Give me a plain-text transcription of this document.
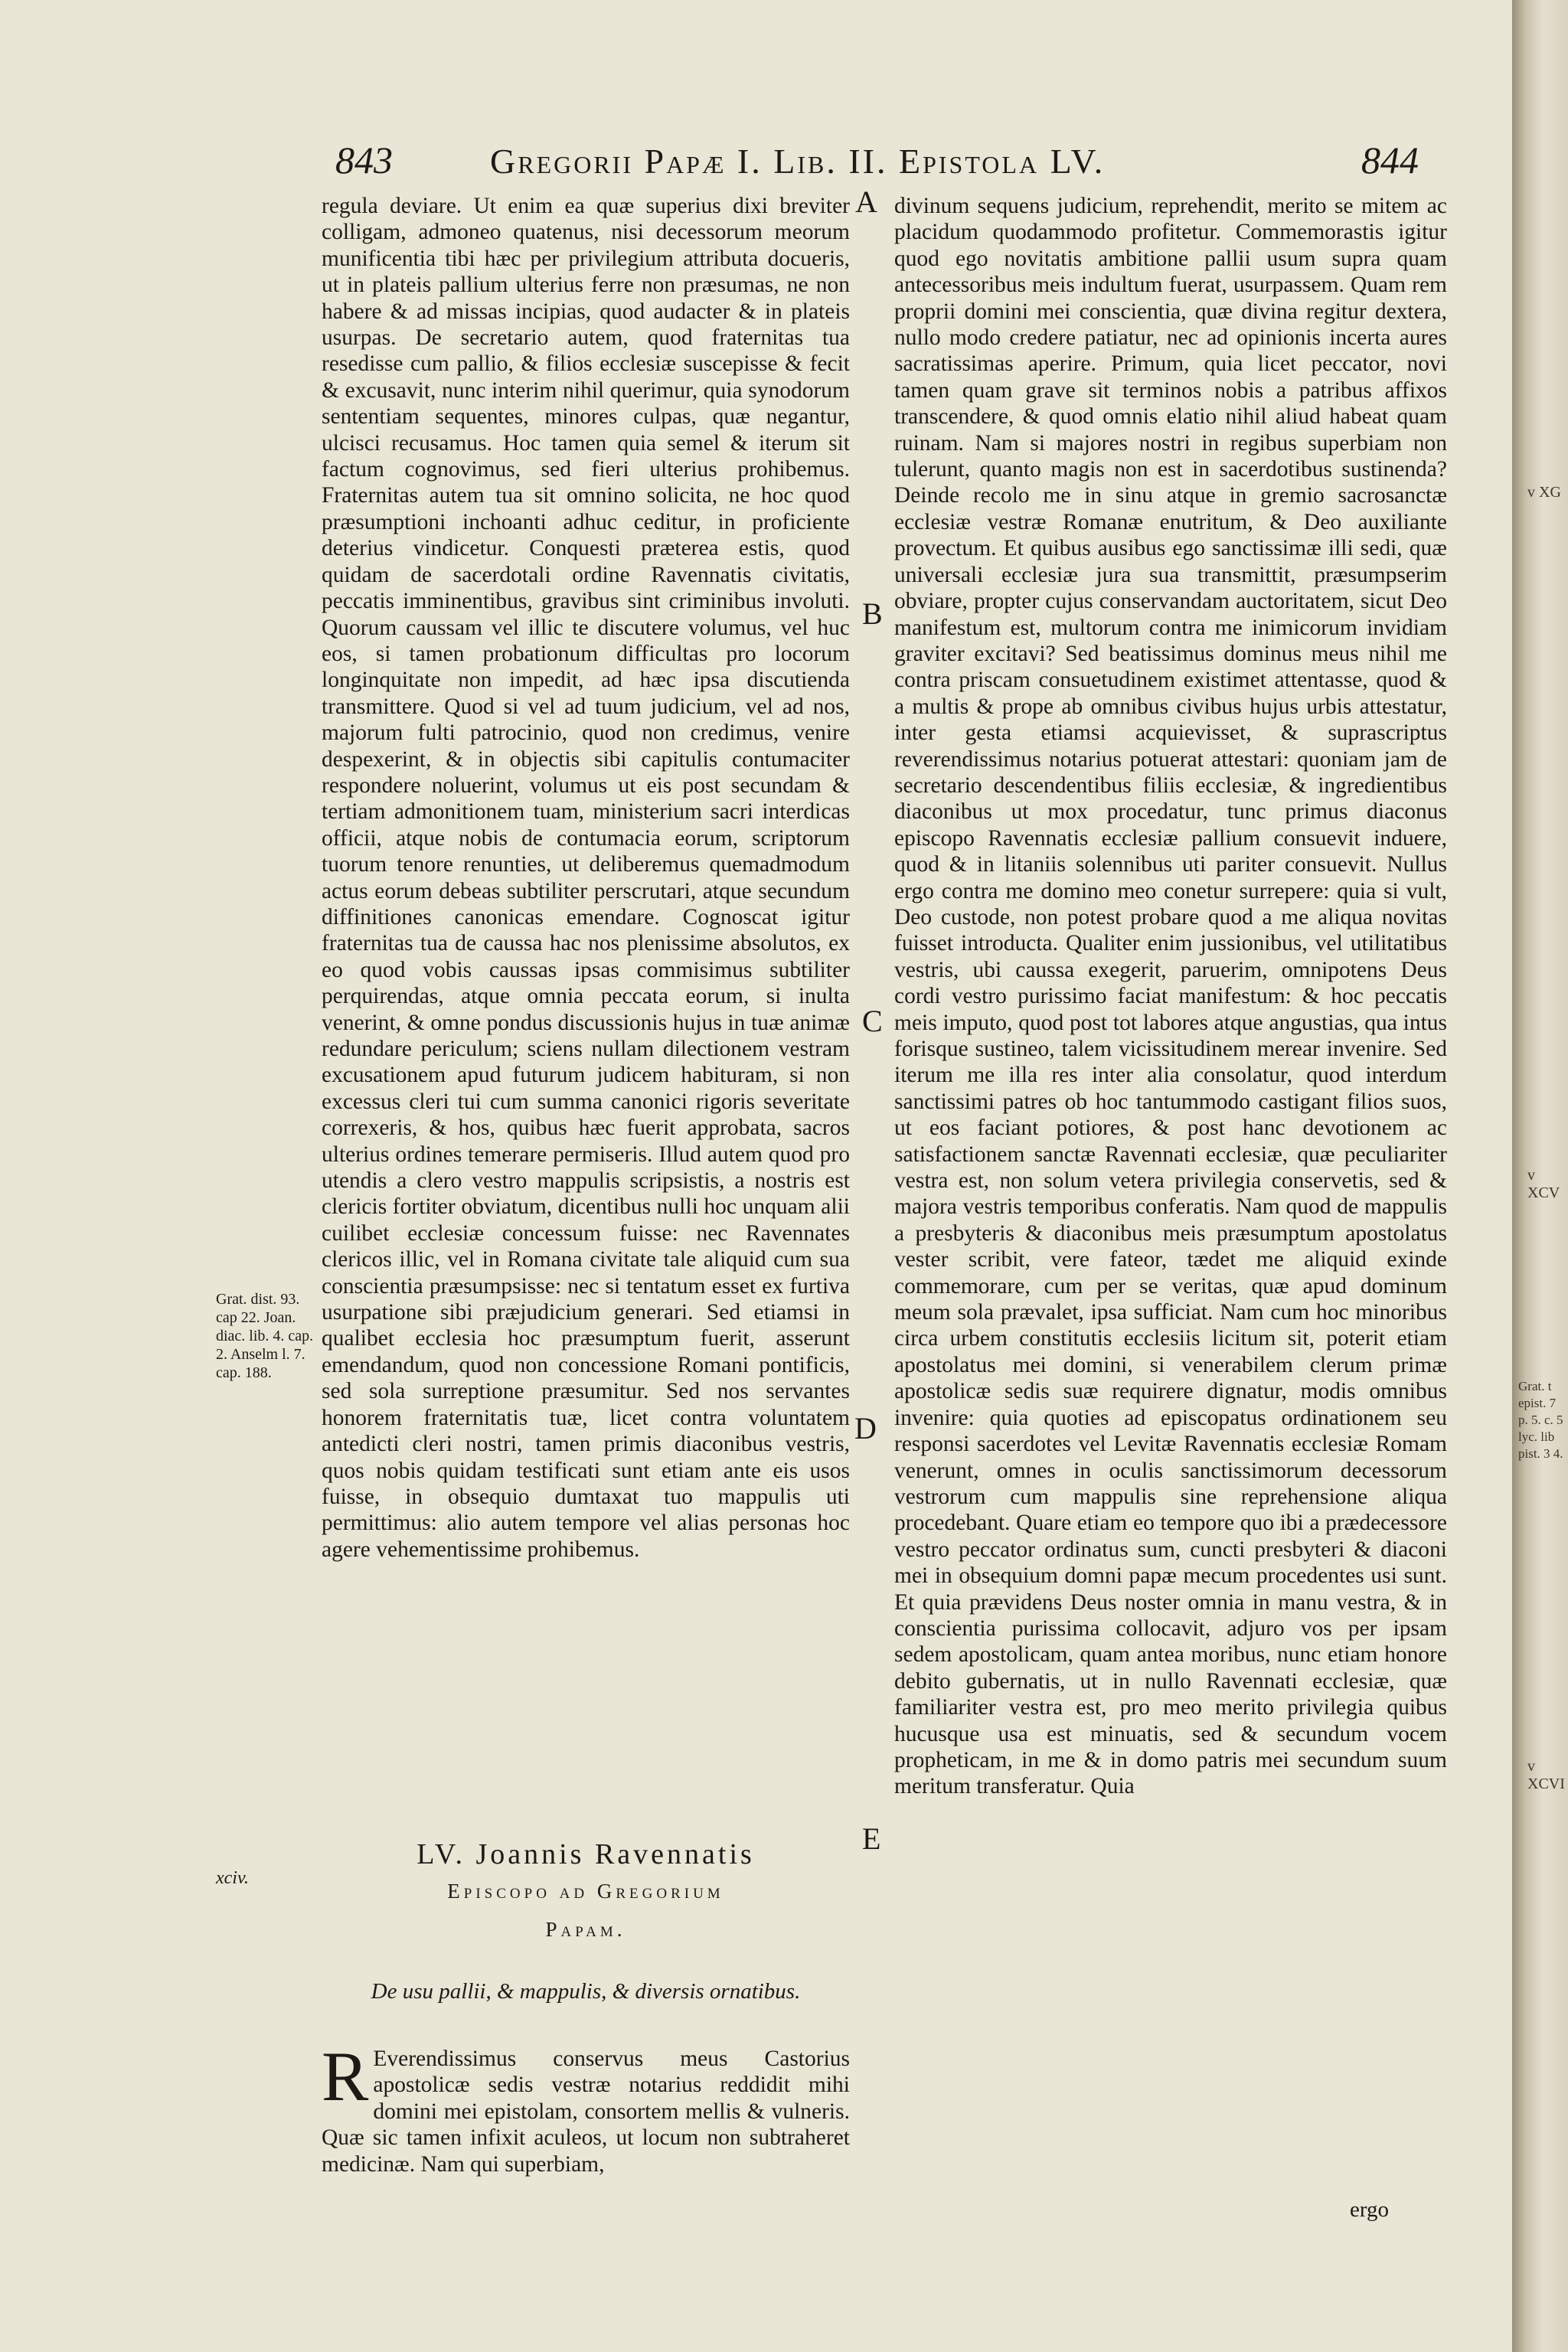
843	Gregorii Papæ I. Lib. II. Epistola LV.	844
A
B
C
D
E

regula deviare. Ut enim ea quæ superius dixi breviter colligam, admoneo quatenus, nisi decessorum meorum munificentia tibi hæc per privilegium attributa docueris, ut in plateis pallium ulterius ferre non præsumas, ne non habere & ad missas incipias, quod audacter & in plateis usurpas. De secretario autem, quod fraternitas tua resedisse cum pallio, & filios ecclesiæ suscepisse & fecit & excusavit, nunc interim nihil querimur, quia synodorum sententiam sequentes, minores culpas, quæ negantur, ulcisci recusamus. Hoc tamen quia semel & iterum sit factum cognovimus, sed fieri ulterius prohibemus. Fraternitas autem tua sit omnino solicita, ne hoc quod præsumptioni inchoanti adhuc ceditur, in proficiente deterius vindicetur. Conquesti præterea estis, quod quidam de sacerdotali ordine Ravennatis civitatis, peccatis imminentibus, gravibus sint criminibus involuti. Quorum caussam vel illic te discutere volumus, vel huc eos, si tamen probationum difficultas pro locorum longinquitate non impedit, ad hæc ipsa discutienda transmittere. Quod si vel ad tuum judicium, vel ad nos, majorum fulti patrocinio, quod non credimus, venire despexerint, & in objectis sibi capitulis contumaciter respondere noluerint, volumus ut eis post secundam & tertiam admonitionem tuam, ministerium sacri interdicas officii, atque nobis de contumacia eorum, scriptorum tuorum tenore renunties, ut deliberemus quemadmodum actus eorum debeas subtiliter perscrutari, atque secundum diffinitiones canonicas emendare. Cognoscat igitur fraternitas tua de caussa hac nos plenissime absolutos, ex eo quod vobis caussas ipsas commisimus subtiliter perquirendas, atque omnia peccata eorum, si inulta venerint, & omne pondus discussionis hujus in tuæ animæ redundare periculum; sciens nullam dilectionem vestram excusationem apud futurum judicem habituram, si non excessus cleri tui cum summa canonici rigoris severitate correxeris, & hos, quibus hæc fuerit approbata, sacros ulterius ordines temerare permiseris. Illud autem quod pro utendis a clero vestro mappulis scripsistis, a nostris est clericis fortiter obviatum, dicentibus nulli hoc unquam alii cuilibet ecclesiæ concessum fuisse: nec Ravennates clericos illic, vel in Romana civitate tale aliquid cum sua conscientia præsumpsisse: nec si tentatum esset ex furtiva usurpatione sibi præjudicium generari. Sed etiamsi in qualibet ecclesia hoc præsumptum fuerit, asserunt emendandum, quod non concessione Romani pontificis, sed sola surreptione præsumitur. Sed nos servantes honorem fraternitatis tuæ, licet contra voluntatem antedicti cleri nostri, tamen primis diaconibus vestris, quos nobis quidam testificati sunt etiam ante eis usos fuisse, in obsequio dumtaxat tuo mappulis uti permittimus: alio autem tempore vel alias personas hoc agere vehementissime prohibemus.

Grat. dist. 93. cap 22. Joan. diac. lib. 4. cap. 2. Anselm l. 7. cap. 188.
xciv.
LV. Joannis Ravennatis
Episcopo ad Gregorium
Papam.
De usu pallii, & mappulis, & diversis ornatibus.
R Everendissimus conservus meus Castorius apostolicæ sedis vestræ notarius reddidit mihi domini mei epistolam, consortem mellis & vulneris. Quæ sic tamen infixit aculeos, ut locum non subtraheret medicinæ. Nam qui superbiam,

divinum sequens judicium, reprehendit, merito se mitem ac placidum quodammodo profitetur. Commemorastis igitur quod ego novitatis ambitione pallii usum supra quam antecessoribus meis indultum fuerat, usurpassem. Quam rem proprii domini mei conscientia, quæ divina regitur dextera, nullo modo credere patiatur, nec ad opinionis incerta aures sacratissimas aperire. Primum, quia licet peccator, novi tamen quam grave sit terminos nobis a patribus affixos transcendere, & quod omnis elatio nihil aliud habeat quam ruinam. Nam si majores nostri in regibus superbiam non tulerunt, quanto magis non est in sacerdotibus sustinenda? Deinde recolo me in sinu atque in gremio sacrosanctæ ecclesiæ vestræ Romanæ enutritum, & Deo auxiliante provectum. Et quibus ausibus ego sanctissimæ illi sedi, quæ universali ecclesiæ jura sua transmittit, præsumpserim obviare, propter cujus conservandam auctoritatem, sicut Deo manifestum est, multorum contra me inimicorum invidiam graviter excitavi? Sed beatissimus dominus meus nihil me contra priscam consuetudinem existimet attentasse, quod & a multis & prope ab omnibus civibus hujus urbis attestatur, inter gesta etiamsi acquievisset, & suprascriptus reverendissimus notarius potuerat attestari: quoniam jam de secretario descendentibus filiis ecclesiæ, & ingredientibus diaconibus ut mox procedatur, tunc primus diaconus episcopo Ravennatis ecclesiæ pallium consuevit induere, quod & in litaniis solennibus uti pariter consuevit. Nullus ergo contra me domino meo conetur surrepere: quia si vult, Deo custode, non potest probare quod a me aliqua novitas fuisset introducta. Qualiter enim jussionibus, vel utilitatibus vestris, ubi caussa exegerit, paruerim, omnipotens Deus cordi vestro purissimo faciat manifestum: & hoc peccatis meis imputo, quod post tot labores atque angustias, qua intus forisque sustineo, talem vicissitudinem merear invenire. Sed iterum me illa res inter alia consolatur, quod interdum sanctissimi patres ob hoc tantummodo castigant filios suos, ut eos faciant potiores, & post hanc devotionem ac satisfactionem sanctæ Ravennati ecclesiæ, quæ peculiariter vestra est, non solum vetera privilegia conservetis, sed & majora vestris temporibus conferatis. Nam quod de mappulis a presbyteris & diaconibus meis præsumptum apostolatus vester scribit, vere fateor, tædet me aliquid exinde commemorare, cum per se veritas, quæ apud dominum meum sola prævalet, ipsa sufficiat. Nam cum hoc minoribus circa urbem constitutis ecclesiis licitum sit, poterit etiam apostolatus mei domini, si venerabilem clerum primæ apostolicæ sedis suæ requirere dignatur, modis omnibus invenire: quia quoties ad episcopatus ordinationem seu responsi sacerdotes vel Levitæ Ravennatis ecclesiæ Romam venerunt, omnes in oculis sanctissimorum decessorum vestrorum cum mappulis sine reprehensione aliqua procedebant. Quare etiam eo tempore quo ibi a prædecessore vestro peccator ordinatus sum, cuncti presbyteri & diaconi mei in obsequium domni papæ mecum procedentes usi sunt. Et quia prævidens Deus noster omnia in manu vestra, & in conscientia purissima collocavit, adjuro vos per ipsam sedem apostolicam, quam antea moribus, nunc etiam honore debito gubernatis, ut in nullo Ravennati ecclesiæ, quæ familiariter vestra est, pro meo merito privilegia quibus hucusque usa est minuatis, sed & secundum vocem propheticam, in me & in domo patris mei secundum suum meritum transferatur. Quia

ergo
v XG
v XCV
Grat. t epist. 7 p. 5. c. 5 lyc. lib pist. 3 4.
v XCVI
